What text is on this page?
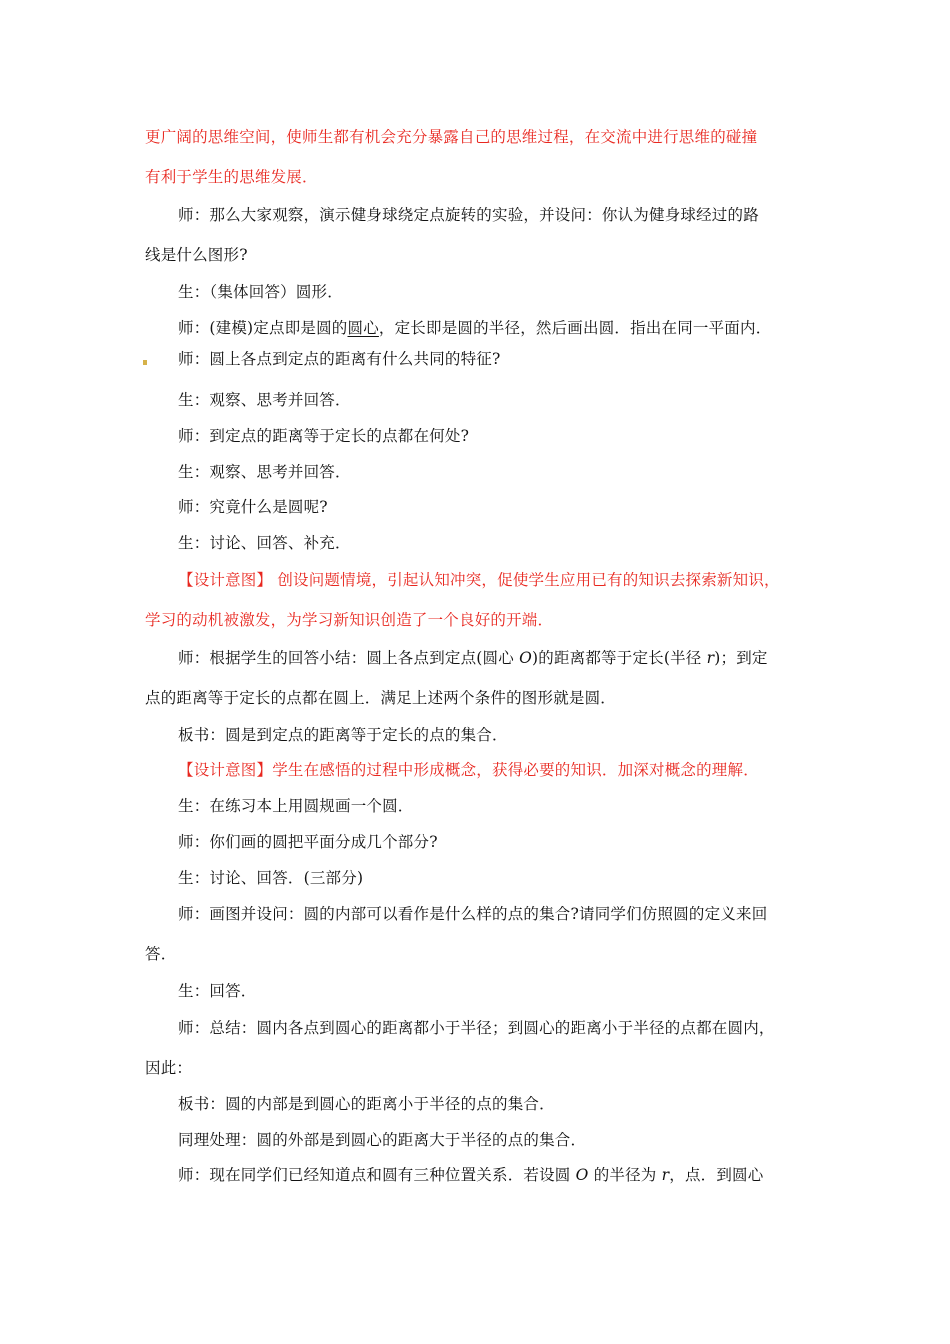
更广阔的思维空间，使师生都有机会充分暴露自己的思维过程，在交流中进行思维的碰撞
有利于学生的思维发展．
师：那么大家观察，演示健身球绕定点旋转的实验，并设问：你认为健身球经过的路
线是什么图形?
生：（集体回答）圆形．
师：(建模)定点即是圆的圆心，定长即是圆的半径，然后画出圆．指出在同一平面内．
师：圆上各点到定点的距离有什么共同的特征?
生：观察、思考并回答．
师：到定点的距离等于定长的点都在何处?
生：观察、思考并回答．
师：究竟什么是圆呢?
生：讨论、回答、补充．
【设计意图】 创设问题情境，引起认知冲突，促使学生应用已有的知识去探索新知识，
学习的动机被激发，为学习新知识创造了一个良好的开端．
师：根据学生的回答小结：圆上各点到定点(圆心 O)的距离都等于定长(半径 r)；到定
点的距离等于定长的点都在圆上．满足上述两个条件的图形就是圆．
板书：圆是到定点的距离等于定长的点的集合．
【设计意图】学生在感悟的过程中形成概念，获得必要的知识．加深对概念的理解．
生：在练习本上用圆规画一个圆．
师：你们画的圆把平面分成几个部分?
生：讨论、回答．(三部分)
师：画图并设问：圆的内部可以看作是什么样的点的集合?请同学们仿照圆的定义来回
答．
生：回答．
师：总结：圆内各点到圆心的距离都小于半径；到圆心的距离小于半径的点都在圆内，
因此：
板书：圆的内部是到圆心的距离小于半径的点的集合．
同理处理：圆的外部是到圆心的距离大于半径的点的集合．
师：现在同学们已经知道点和圆有三种位置关系．若设圆 O 的半径为 r，点．到圆心
